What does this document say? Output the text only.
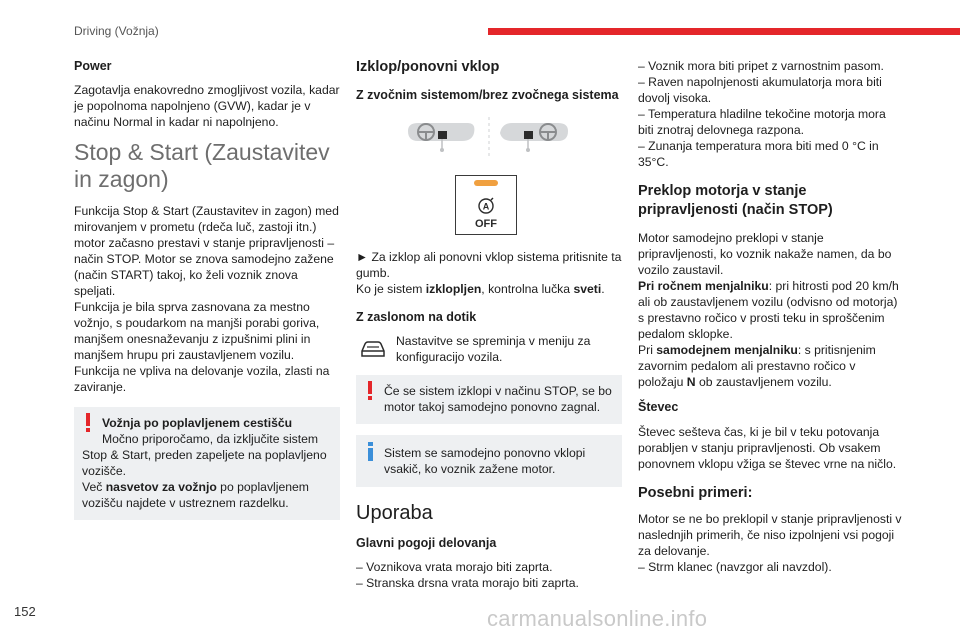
Driving (Vožnja)
Power

Zagotavlja enakovredno zmogljivost vozila, kadar je popolnoma napolnjeno (GVW), kadar je v načinu Normal in kadar ni napolnjeno.

Stop & Start (Zaustavitev in zagon)

Funkcija Stop & Start (Zaustavitev in zagon) med mirovanjem v prometu (rdeča luč, zastoji itn.) motor začasno prestavi v stanje pripravljenosti – način STOP. Motor se znova samodejno zažene (način START) takoj, ko želi voznik znova speljati.

Funkcija je bila sprva zasnovana za mestno vožnjo, s poudarkom na manjši porabi goriva, manjšem onesnaževanju z izpušnimi plini in manjšem hrupu pri zaustavljenem vozilu.

Funkcija ne vpliva na delovanje vozila, zlasti na zaviranje.

Vožnja po poplavljenem cestišču
Močno priporočamo, da izključite sistem Stop & Start, preden zapeljete na poplavljeno vozišče.
Več nasvetov za vožnjo po poplavljenem vozišču najdete v ustreznem razdelku.
Izklop/ponovni vklop
Z zvočnim sistemom/brez zvočnega sistema
A
OFF

► Za izklop ali ponovni vklop sistema pritisnite ta gumb.

Ko je sistem izklopljen, kontrolna lučka sveti.

Z zaslonom na dotik
Nastavitve se spreminja v meniju za konfiguracijo vozila.
Če se sistem izklopi v načinu STOP, se bo motor takoj samodejno ponovno zagnal.
Sistem se samodejno ponovno vklopi vsakič, ko voznik zažene motor.
Uporaba
Glavni pogoji delovanja
– Voznikova vrata morajo biti zaprta.
– Stranska drsna vrata morajo biti zaprta.
– Voznik mora biti pripet z varnostnim pasom.
– Raven napolnjenosti akumulatorja mora biti dovolj visoka.
– Temperatura hladilne tekočine motorja mora biti znotraj delovnega razpona.
– Zunanja temperatura mora biti med 0 °C in 35°C.
Preklop motorja v stanje pripravljenosti (način STOP)
Motor samodejno preklopi v stanje pripravljenosti, ko voznik nakaže namen, da bo vozilo zaustavil.
Pri ročnem menjalniku: pri hitrosti pod 20 km/h ali ob zaustavljenem vozilu (odvisno od motorja) s prestavno ročico v prosti teku in sproščenim pedalom sklopke.
Pri samodejnem menjalniku: s pritisnjenim zavornim pedalom ali prestavno ročico v položaju N ob zaustavljenem vozilu.
Števec

Števec sešteva čas, ki je bil v teku potovanja porabljen v stanju pripravljenosti. Ob vsakem ponovnem vklopu vžiga se števec vrne na ničlo.

Posebni primeri:
Motor se ne bo preklopil v stanje pripravljenosti v naslednjih primerih, če niso izpolnjeni vsi pogoji za delovanje.
– Strm klanec (navzgor ali navzdol).
152	carmanualsonline.info
